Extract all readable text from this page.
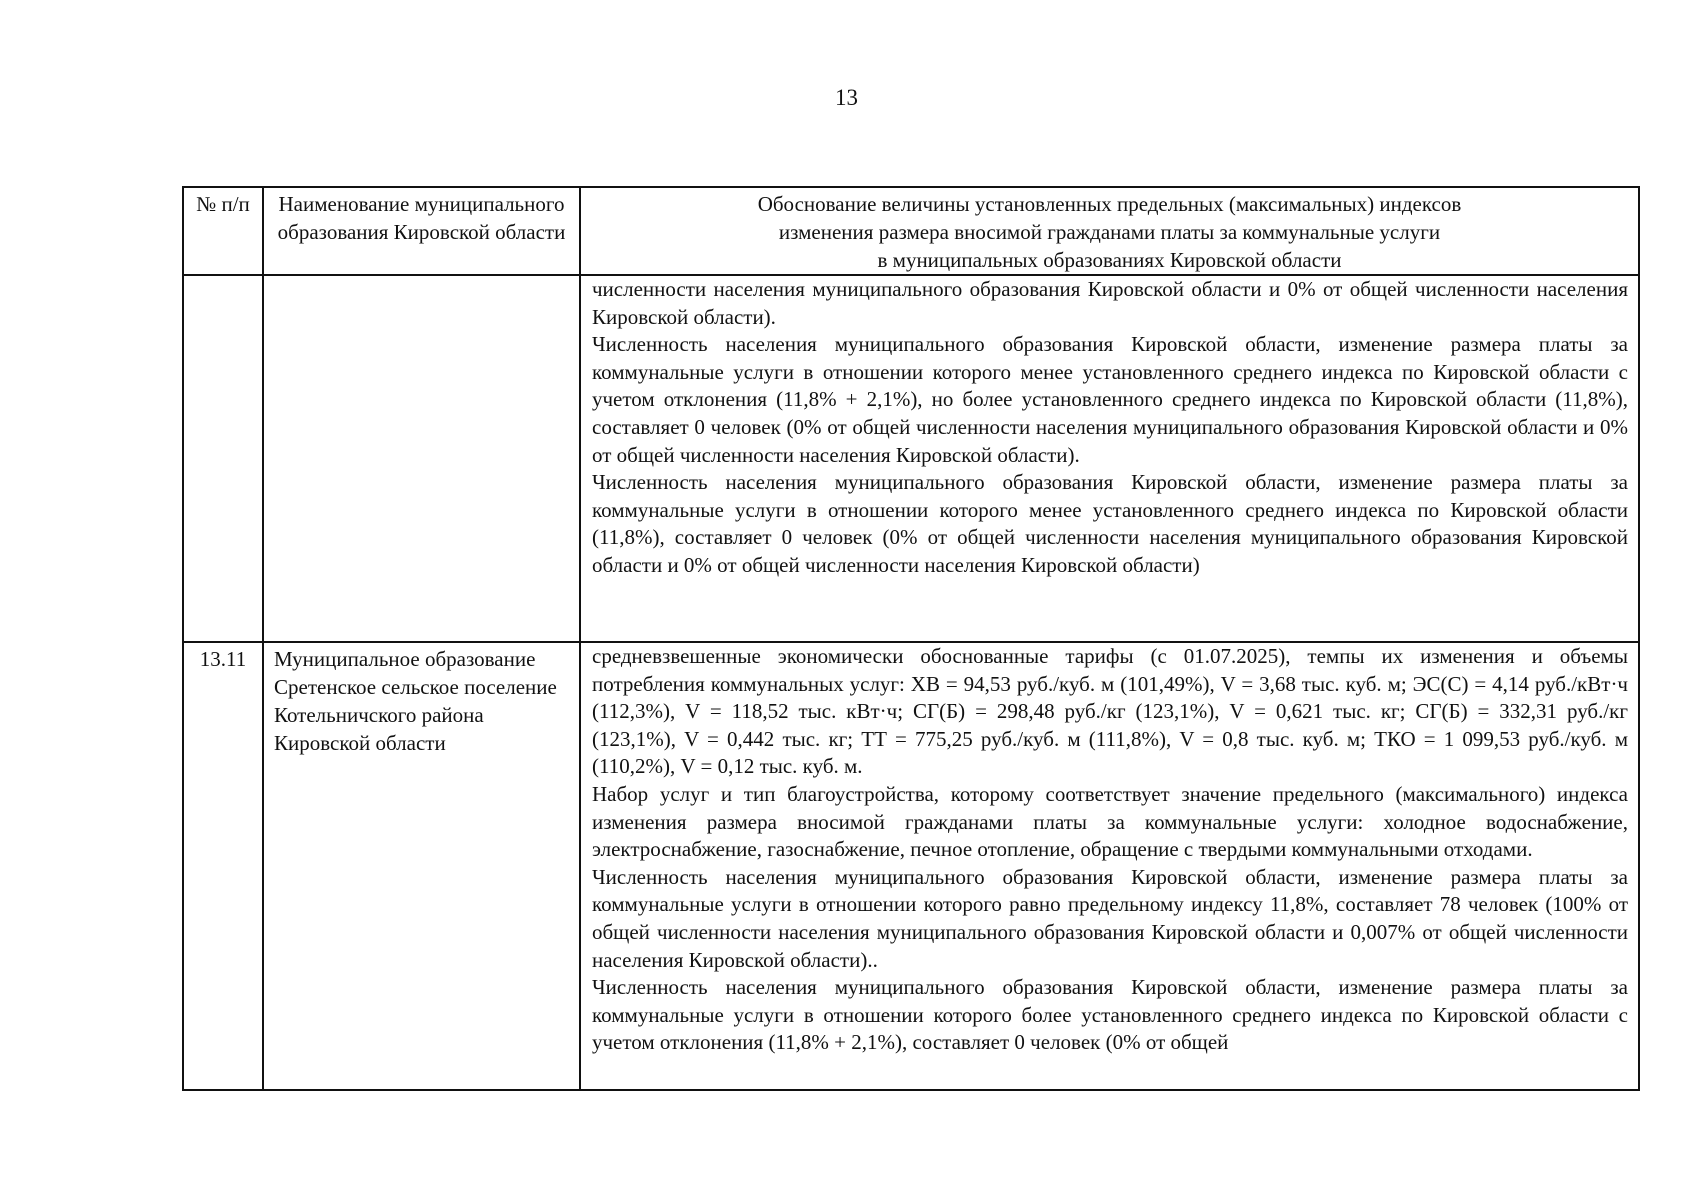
13
№ п/п	Наименование муниципального образования Кировской области	Обоснование величины установленных предельных (максимальных) индексов
изменения размера вносимой гражданами платы за коммунальные услуги
в муниципальных образованиях Кировской области

		численности населения муниципального образования Кировской области и 0% от общей численности населения Кировской области).

Численность населения муниципального образования Кировской области, изменение размера платы за коммунальные услуги в отношении которого менее установленного среднего индекса по Кировской области с учетом отклонения (11,8% + 2,1%), но более установленного среднего индекса по Кировской области (11,8%), составляет 0 человек (0% от общей численности населения муниципального образования Кировской области и 0% от общей численности населения Кировской области).

Численность населения муниципального образования Кировской области, изменение размера платы за коммунальные услуги в отношении которого менее установленного среднего индекса по Кировской области (11,8%), составляет 0 человек (0% от общей численности населения муниципального образования Кировской области и 0% от общей численности населения Кировской области)

13.11	Муниципальное образование Сретенское сельское поселение Котельничского района Кировской области	средневзвешенные экономически обоснованные тарифы (с 01.07.2025), темпы их изменения и объемы потребления коммунальных услуг: ХВ = 94,53 руб./куб. м (101,49%), V = 3,68 тыс. куб. м; ЭС(С) = 4,14 руб./кВт·ч (112,3%), V = 118,52 тыс. кВт·ч; СГ(Б) = 298,48 руб./кг (123,1%), V = 0,621 тыс. кг; СГ(Б) = 332,31 руб./кг (123,1%), V = 0,442 тыс. кг; ТТ = 775,25 руб./куб. м (111,8%), V = 0,8 тыс. куб. м; ТКО = 1 099,53 руб./куб. м (110,2%), V = 0,12 тыс. куб. м.

Набор услуг и тип благоустройства, которому соответствует значение предельного (максимального) индекса изменения размера вносимой гражданами платы за коммунальные услуги: холодное водоснабжение, электроснабжение, газоснабжение, печное отопление, обращение с твердыми коммунальными отходами.

Численность населения муниципального образования Кировской области, изменение размера платы за коммунальные услуги в отношении которого равно предельному индексу 11,8%, составляет 78 человек (100% от общей численности населения муниципального образования Кировской области и 0,007% от общей численности населения Кировской области)..

Численность населения муниципального образования Кировской области, изменение размера платы за коммунальные услуги в отношении которого более установленного среднего индекса по Кировской области с учетом отклонения (11,8% + 2,1%), составляет 0 человек (0% от общей
